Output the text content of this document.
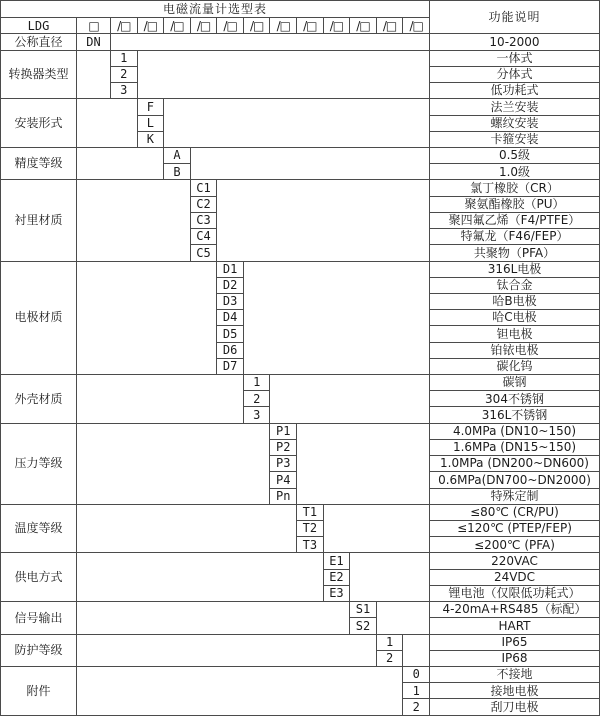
电磁流量计选型表														功能说明
LDG	□	/□	/□	/□	/□	/□	/□	/□	/□	/□	/□	/□	/□	
公称直径	DN													10-2000
转换器类型		1												一体式
		2												分体式
		3												低功耗式
安装形式			F											法兰安装
			L											螺纹安装
			K											卡箍安装
精度等级				A										0.5级
				B										1.0级
衬里材质					C1									氯丁橡胶（CR）
					C2									聚氨酯橡胶（PU）
					C3									聚四氟乙烯（F4/PTFE）
					C4									特氟龙（F46/FEP）
					C5									共聚物（PFA）
电极材质						D1								316L电极
						D2								钛合金
						D3								哈B电极
						D4								哈C电极
						D5								钽电极
						D6								铂铱电极
						D7								碳化钨
外壳材质							1							碳钢
							2							304不锈钢
							3							316L不锈钢
压力等级								P1						4.0MPa (DN10~150)
								P2						1.6MPa (DN15~150)
								P3						1.0MPa (DN200~DN600)
								P4						0.6MPa(DN700~DN2000)
								Pn						特殊定制
温度等级									T1					≤80℃ (CR/PU)
									T2					≤120℃ (PTEP/FEP)
									T3					≤200℃ (PFA)
供电方式										E1				220VAC
										E2				24VDC
										E3				锂电池（仅限低功耗式）
信号输出											S1			4-20mA+RS485（标配）
											S2			HART
防护等级												1		IP65
												2		IP68
附件													0	不接地
													1	接地电极
													2	刮刀电极
